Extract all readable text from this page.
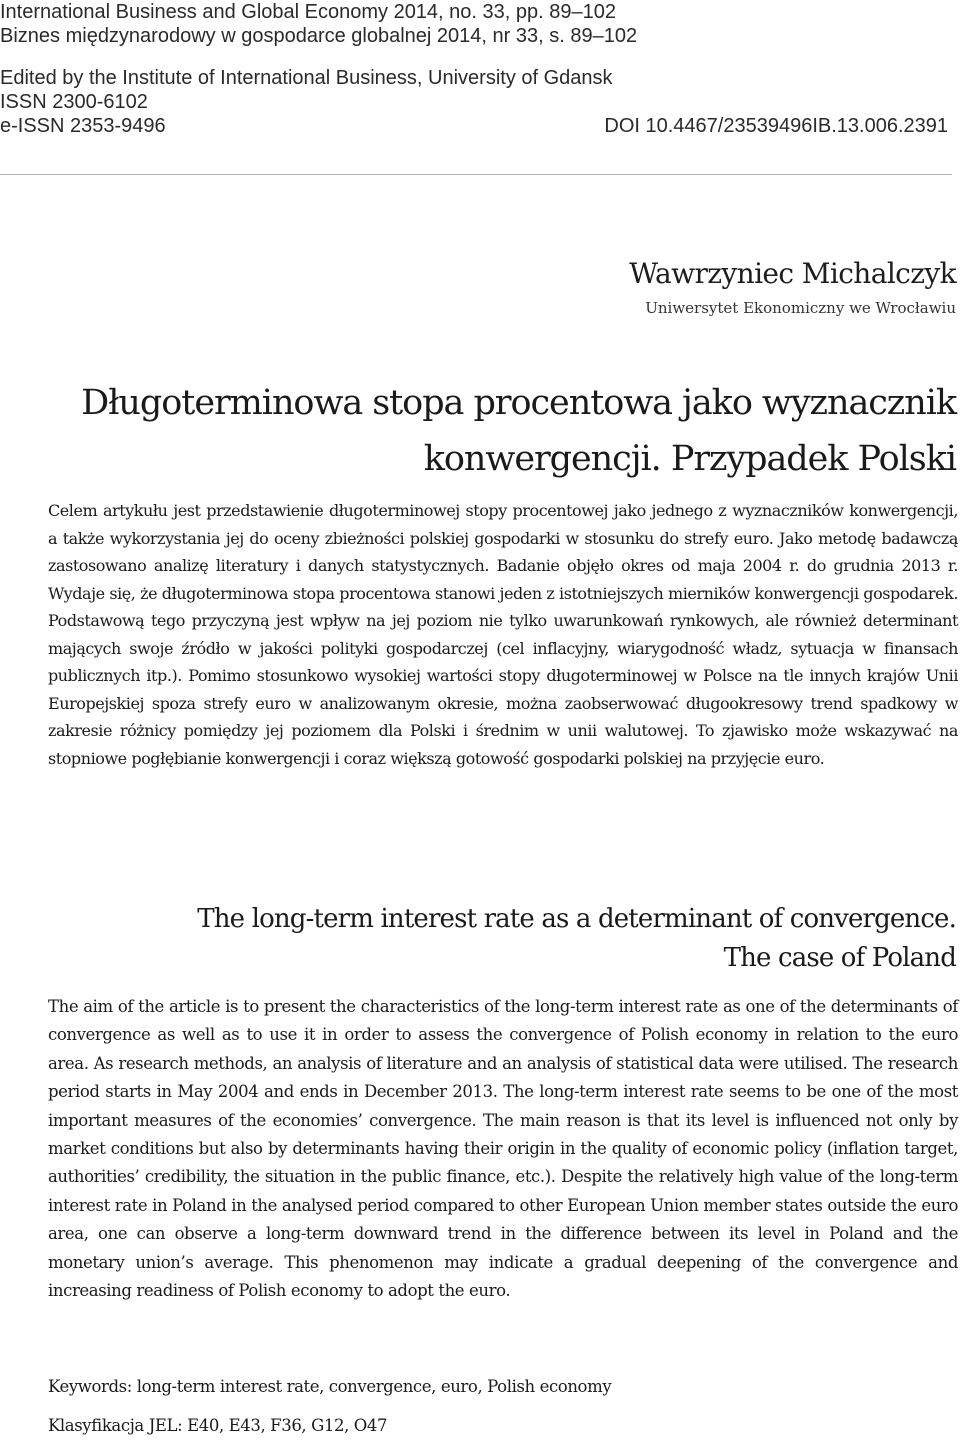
International Business and Global Economy 2014, no. 33, pp. 89–102
Biznes międzynarodowy w gospodarce globalnej 2014, nr 33, s. 89–102
Edited by the Institute of International Business, University of Gdansk
ISSN 2300-6102
e-ISSN 2353-9496	DOI 10.4467/23539496IB.13.006.2391
Wawrzyniec Michalczyk
Uniwersytet Ekonomiczny we Wrocławiu
Długoterminowa stopa procentowa jako wyznacznik konwergencji. Przypadek Polski

Celem artykułu jest przedstawienie długoterminowej stopy procentowej jako jednego z wyznaczników konwergencji, a także wykorzystania jej do oceny zbieżności polskiej gospodarki w stosunku do strefy euro. Jako metodę badawczą zastosowano analizę literatury i danych statystycznych. Badanie objęło okres od maja 2004 r. do grudnia 2013 r. Wydaje się, że długoterminowa stopa procentowa stanowi jeden z istotniejszych mierników konwergencji gospodarek. Podstawową tego przyczyną jest wpływ na jej poziom nie tylko uwarunkowań rynkowych, ale również determinant mających swoje źródło w jakości polityki gospodarczej (cel inflacyjny, wiarygodność władz, sytuacja w finansach publicznych itp.). Pomimo stosunkowo wysokiej wartości stopy długoterminowej w Polsce na tle innych krajów Unii Europejskiej spoza strefy euro w analizowanym okresie, można zaobserwować długookresowy trend spadkowy w zakresie różnicy pomiędzy jej poziomem dla Polski i średnim w unii walutowej. To zjawisko może wskazywać na stopniowe pogłębianie konwergencji i coraz większą gotowość gospodarki polskiej na przyjęcie euro.

The long-term interest rate as a determinant of convergence.
The case of Poland

The aim of the article is to present the characteristics of the long-term interest rate as one of the determinants of convergence as well as to use it in order to assess the convergence of Polish economy in relation to the euro area. As research methods, an analysis of literature and an analysis of statistical data were utilised. The research period starts in May 2004 and ends in December 2013. The long-term interest rate seems to be one of the most important measures of the economies’ convergence. The main reason is that its level is influenced not only by market conditions but also by determinants having their origin in the quality of economic policy (inflation target, authorities’ credibility, the situation in the public finance, etc.). Despite the relatively high value of the long-term interest rate in Poland in the analysed period compared to other European Union member states outside the euro area, one can observe a long-term downward trend in the difference between its level in Poland and the monetary union’s average. This phenomenon may indicate a gradual deepening of the convergence and increasing readiness of Polish economy to adopt the euro.

Keywords: long-term interest rate, convergence, euro, Polish economy
Klasyfikacja JEL: E40, E43, F36, G12, O47
